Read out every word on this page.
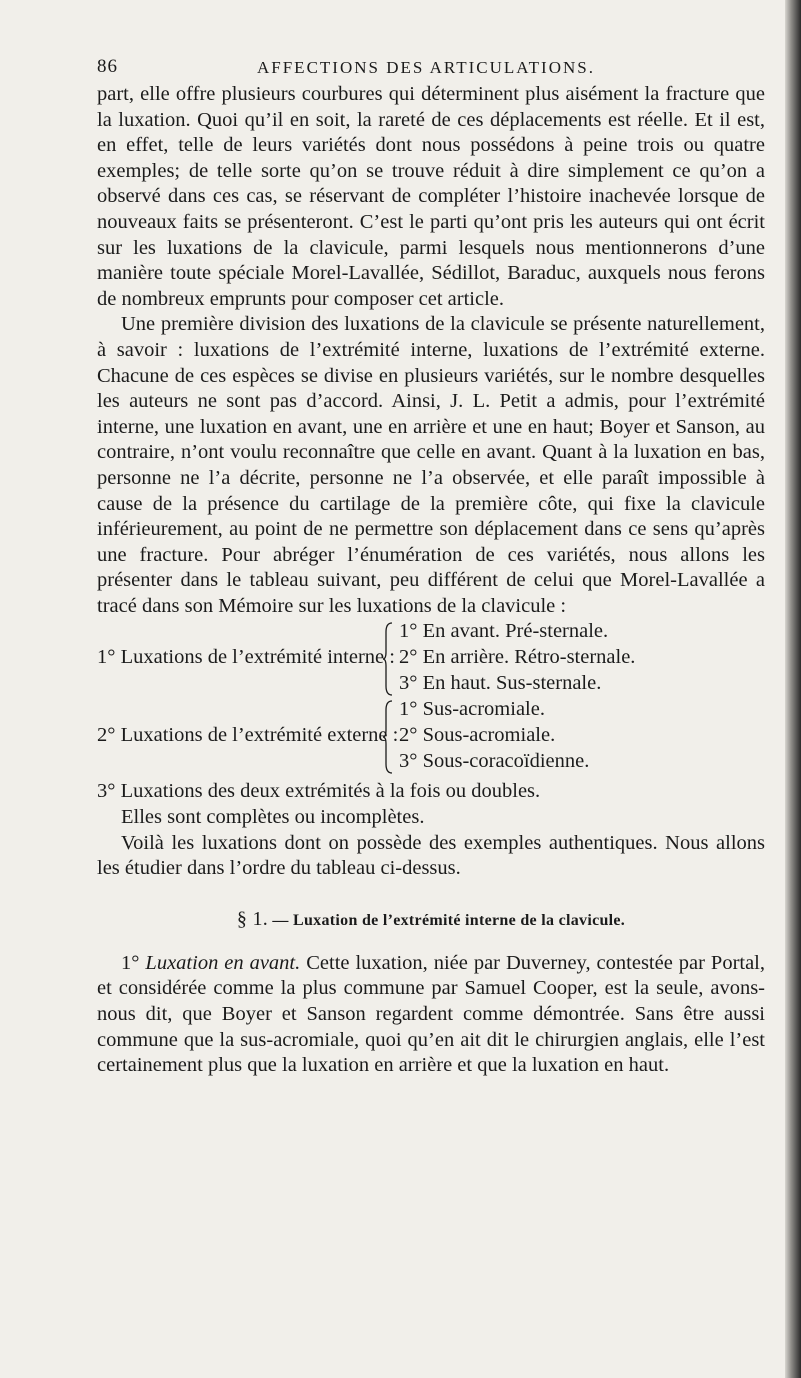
86	AFFECTIONS DES ARTICULATIONS.

part, elle offre plusieurs courbures qui déterminent plus aisément la fracture que la luxation. Quoi qu’il en soit, la rareté de ces déplacements est réelle. Et il est, en effet, telle de leurs variétés dont nous possédons à peine trois ou quatre exemples; de telle sorte qu’on se trouve réduit à dire simplement ce qu’on a observé dans ces cas, se réservant de compléter l’histoire inachevée lorsque de nouveaux faits se présenteront. C’est le parti qu’ont pris les auteurs qui ont écrit sur les luxations de la clavicule, parmi lesquels nous mentionnerons d’une manière toute spéciale Morel-Lavallée, Sédillot, Baraduc, auxquels nous ferons de nombreux emprunts pour composer cet article.

Une première division des luxations de la clavicule se présente naturellement, à savoir : luxations de l’extrémité interne, luxations de l’extrémité externe. Chacune de ces espèces se divise en plusieurs variétés, sur le nombre desquelles les auteurs ne sont pas d’accord. Ainsi, J. L. Petit a admis, pour l’extrémité interne, une luxation en avant, une en arrière et une en haut; Boyer et Sanson, au contraire, n’ont voulu reconnaître que celle en avant. Quant à la luxation en bas, personne ne l’a décrite, personne ne l’a observée, et elle paraît impossible à cause de la présence du cartilage de la première côte, qui fixe la clavicule inférieurement, au point de ne permettre son déplacement dans ce sens qu’après une fracture. Pour abréger l’énumération de ces variétés, nous allons les présenter dans le tableau suivant, peu différent de celui que Morel-Lavallée a tracé dans son Mémoire sur les luxations de la clavicule :

1° Luxations de l’extrémité interne :
1° En avant. Pré-sternale.
2° En arrière. Rétro-sternale.
3° En haut. Sus-sternale.
2° Luxations de l’extrémité externe :
1° Sus-acromiale.
2° Sous-acromiale.
3° Sous-coracoïdienne.

3° Luxations des deux extrémités à la fois ou doubles.

Elles sont complètes ou incomplètes.

Voilà les luxations dont on possède des exemples authentiques. Nous allons les étudier dans l’ordre du tableau ci-dessus.

§ 1. — Luxation de l’extrémité interne de la clavicule.

1° Luxation en avant. Cette luxation, niée par Duverney, contestée par Portal, et considérée comme la plus commune par Samuel Cooper, est la seule, avons-nous dit, que Boyer et Sanson regardent comme démontrée. Sans être aussi commune que la sus-acromiale, quoi qu’en ait dit le chirurgien anglais, elle l’est certainement plus que la luxation en arrière et que la luxation en haut.
